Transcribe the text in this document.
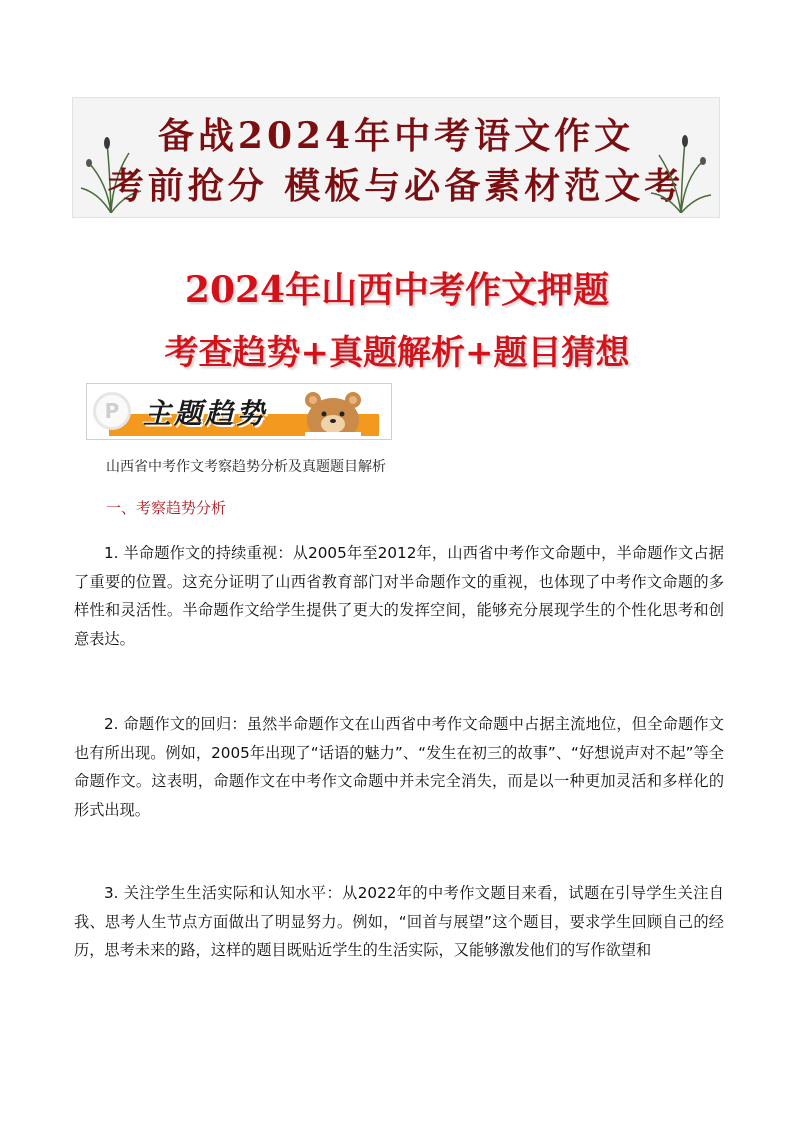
备战2024年中考语文作文
考前抢分 模板与必备素材范文考
2024年山西中考作文押题
考查趋势+真题解析+题目猜想
P 主题趋势
山西省中考作文考察趋势分析及真题题目解析
一、考察趋势分析

1. 半命题作文的持续重视：从2005年至2012年，山西省中考作文命题中，半命题作文占据了重要的位置。这充分证明了山西省教育部门对半命题作文的重视，也体现了中考作文命题的多样性和灵活性。半命题作文给学生提供了更大的发挥空间，能够充分展现学生的个性化思考和创意表达。

2. 命题作文的回归：虽然半命题作文在山西省中考作文命题中占据主流地位，但全命题作文也有所出现。例如，2005年出现了“话语的魅力”、“发生在初三的故事”、“好想说声对不起”等全命题作文。这表明，命题作文在中考作文命题中并未完全消失，而是以一种更加灵活和多样化的形式出现。

3. 关注学生生活实际和认知水平：从2022年的中考作文题目来看，试题在引导学生关注自我、思考人生节点方面做出了明显努力。例如，“回首与展望”这个题目，要求学生回顾自己的经历，思考未来的路，这样的题目既贴近学生的生活实际，又能够激发他们的写作欲望和
